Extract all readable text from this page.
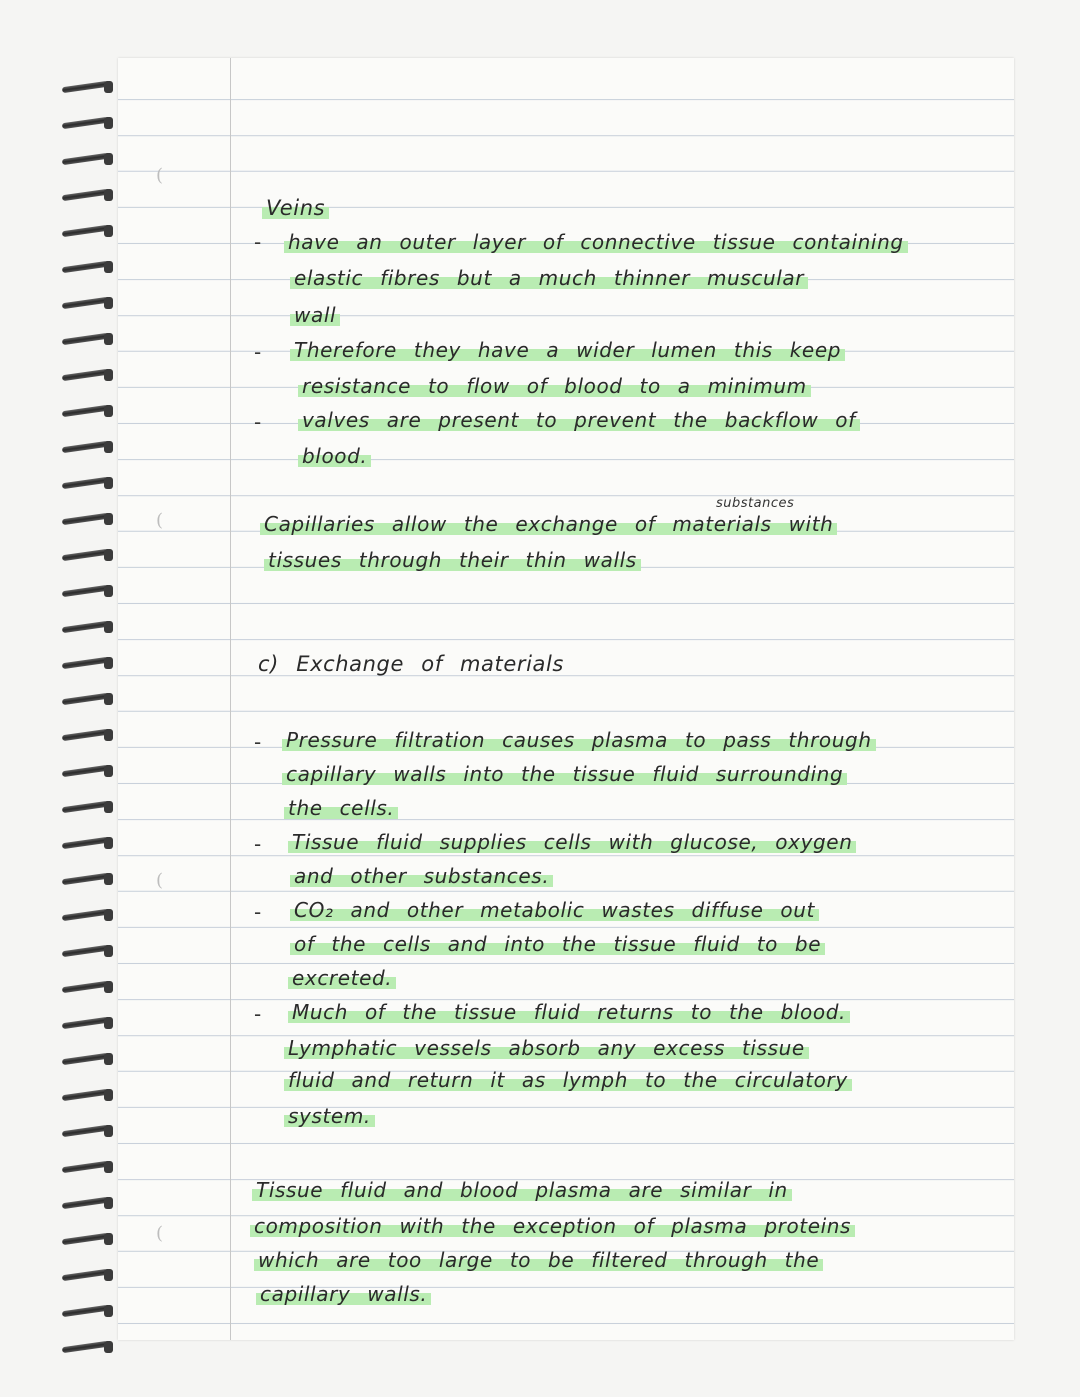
(
(
(
(
Veins
- have an outer layer of connective tissue containing
elastic fibres but a much thinner muscular
wall
- Therefore they have a wider lumen this keep
resistance to flow of blood to a minimum
- valves are present to prevent the backflow of
blood.
substances
Capillaries allow the exchange of materials with
tissues through their thin walls
c) Exchange of materials
- Pressure filtration causes plasma to pass through
capillary walls into the tissue fluid surrounding
the cells.
- Tissue fluid supplies cells with glucose, oxygen
and other substances.
- CO₂ and other metabolic wastes diffuse out
of the cells and into the tissue fluid to be
excreted.
- Much of the tissue fluid returns to the blood.
Lymphatic vessels absorb any excess tissue
fluid and return it as lymph to the circulatory
system.
Tissue fluid and blood plasma are similar in
composition with the exception of plasma proteins
which are too large to be filtered through the
capillary walls.
